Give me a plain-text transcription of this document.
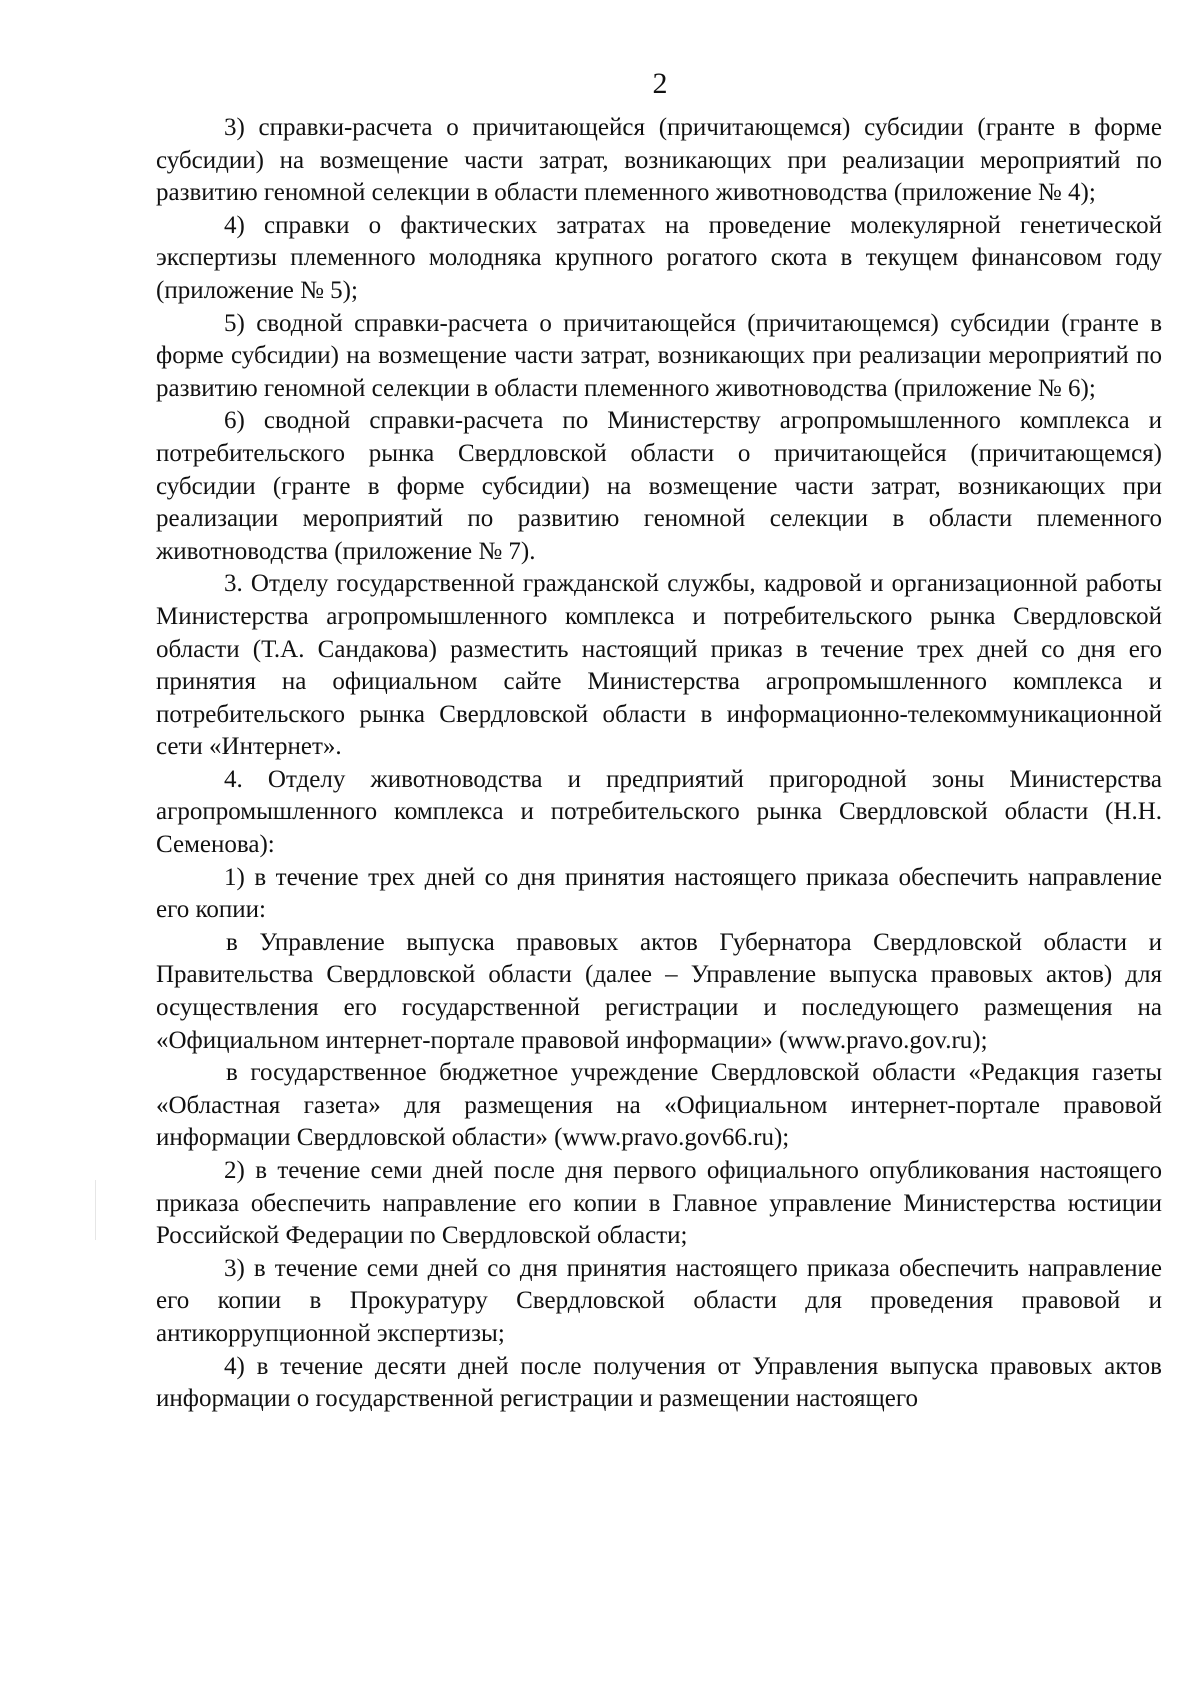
2

3) справки-расчета о причитающейся (причитающемся) субсидии (гранте в форме субсидии) на возмещение части затрат, возникающих при реализации мероприятий по развитию геномной селекции в области племенного животноводства (приложение № 4);

4) справки о фактических затратах на проведение молекулярной генетической экспертизы племенного молодняка крупного рогатого скота в текущем финансовом году (приложение № 5);

5) сводной справки-расчета о причитающейся (причитающемся) субсидии (гранте в форме субсидии) на возмещение части затрат, возникающих при реализации мероприятий по развитию геномной селекции в области племенного животноводства (приложение № 6);

6) сводной справки-расчета по Министерству агропромышленного комплекса и потребительского рынка Свердловской области о причитающейся (причитающемся) субсидии (гранте в форме субсидии) на возмещение части затрат, возникающих при реализации мероприятий по развитию геномной селекции в области племенного животноводства (приложение № 7).

3. Отделу государственной гражданской службы, кадровой и организационной работы Министерства агропромышленного комплекса и потребительского рынка Свердловской области (Т.А. Сандакова) разместить настоящий приказ в течение трех дней со дня его принятия на официальном сайте Министерства агропромышленного комплекса и потребительского рынка Свердловской области в информационно-телекоммуникационной сети «Интернет».

4. Отделу животноводства и предприятий пригородной зоны Министерства агропромышленного комплекса и потребительского рынка Свердловской области (Н.Н. Семенова):

1) в течение трех дней со дня принятия настоящего приказа обеспечить направление его копии:

в Управление выпуска правовых актов Губернатора Свердловской области и Правительства Свердловской области (далее – Управление выпуска правовых актов) для осуществления его государственной регистрации и последующего размещения на «Официальном интернет-портале правовой информации» (www.pravo.gov.ru);

в государственное бюджетное учреждение Свердловской области «Редакция газеты «Областная газета» для размещения на «Официальном интернет-портале правовой информации Свердловской области» (www.pravo.gov66.ru);

2) в течение семи дней после дня первого официального опубликования настоящего приказа обеспечить направление его копии в Главное управление Министерства юстиции Российской Федерации по Свердловской области;

3) в течение семи дней со дня принятия настоящего приказа обеспечить направление его копии в Прокуратуру Свердловской области для проведения правовой и антикоррупционной экспертизы;

4) в течение десяти дней после получения от Управления выпуска правовых актов информации о государственной регистрации и размещении настоящего
